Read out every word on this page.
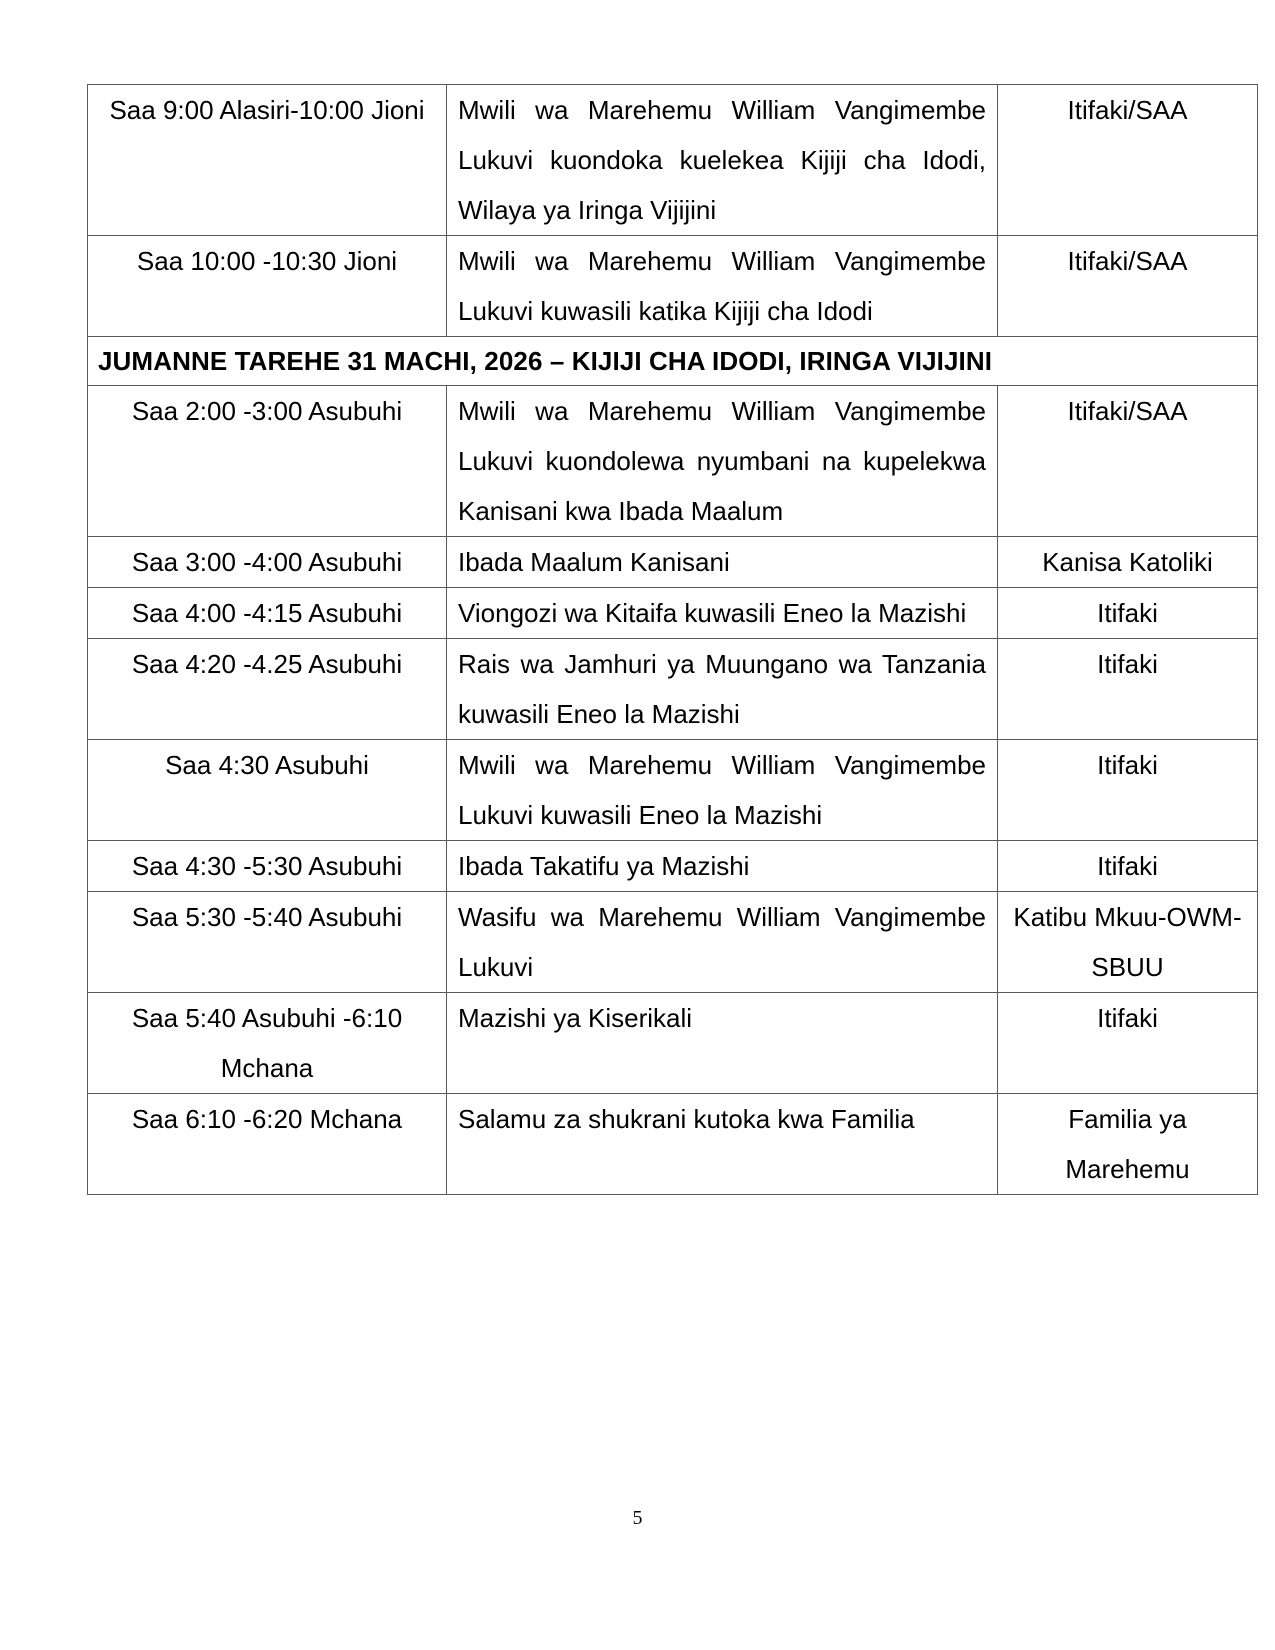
Saa 9:00 Alasiri-10:00 Jioni	Mwili wa Marehemu William Vangimembe Lukuvi kuondoka kuelekea Kijiji cha Idodi, Wilaya ya Iringa Vijijini	Itifaki/SAA
Saa 10:00 -10:30 Jioni	Mwili wa Marehemu William Vangimembe Lukuvi kuwasili katika Kijiji cha Idodi	Itifaki/SAA
JUMANNE TAREHE 31 MACHI, 2026 – KIJIJI CHA IDODI, IRINGA VIJIJINI		
Saa 2:00 -3:00 Asubuhi	Mwili wa Marehemu William Vangimembe Lukuvi kuondolewa nyumbani na kupelekwa Kanisani kwa Ibada Maalum	Itifaki/SAA
Saa 3:00 -4:00 Asubuhi	Ibada Maalum Kanisani	Kanisa Katoliki
Saa 4:00 -4:15 Asubuhi	Viongozi wa Kitaifa kuwasili Eneo la Mazishi	Itifaki
Saa 4:20 -4.25 Asubuhi	Rais wa Jamhuri ya Muungano wa Tanzania kuwasili Eneo la Mazishi	Itifaki
Saa 4:30 Asubuhi	Mwili wa Marehemu William Vangimembe Lukuvi kuwasili Eneo la Mazishi	Itifaki
Saa 4:30 -5:30 Asubuhi	Ibada Takatifu ya Mazishi	Itifaki
Saa 5:30 -5:40 Asubuhi	Wasifu wa Marehemu William Vangimembe Lukuvi	Katibu Mkuu-OWM-SBUU
Saa 5:40 Asubuhi -6:10 Mchana	Mazishi ya Kiserikali	Itifaki
Saa 6:10 -6:20 Mchana	Salamu za shukrani kutoka kwa Familia	Familia ya Marehemu
5
